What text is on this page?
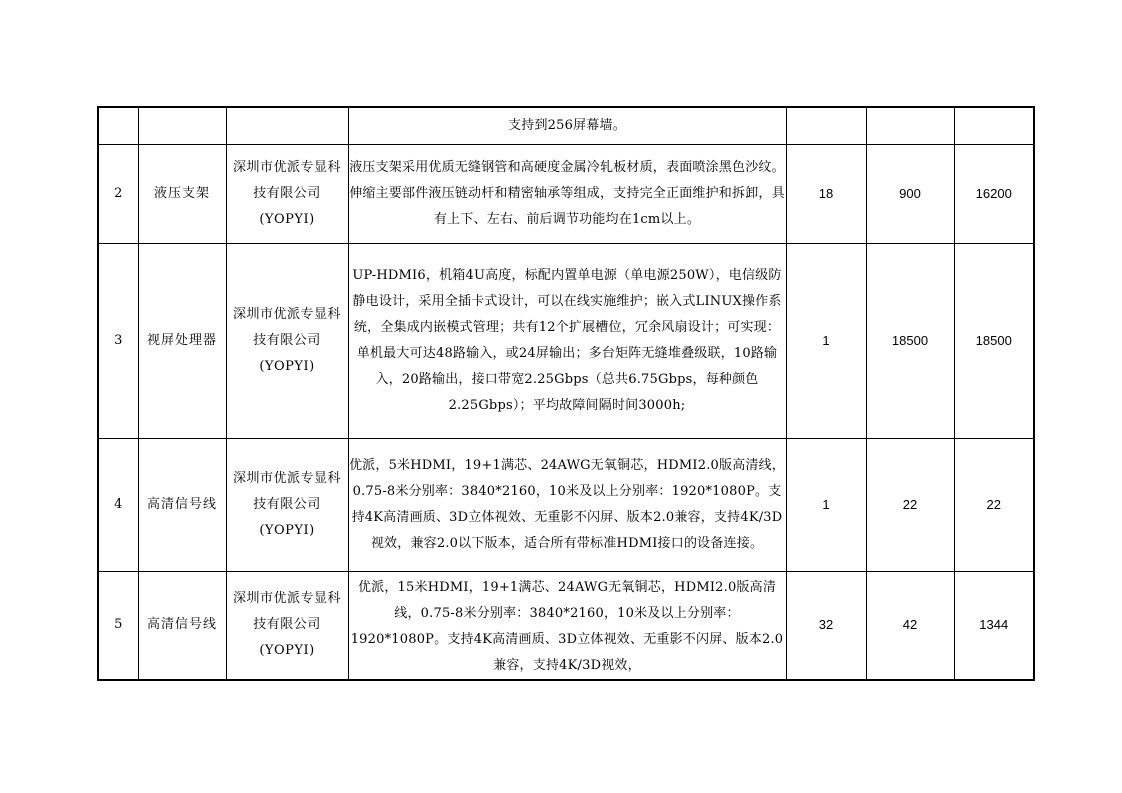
			支持到256屏幕墙。			
2	液压支架	深圳市优派专显科技有限公司(YOPYI)	液压支架采用优质无缝钢管和高硬度金属冷轧板材质，表面喷涂黑色沙纹。伸缩主要部件液压链动杆和精密轴承等组成，支持完全正面维护和拆卸，具有上下、左右、前后调节功能均在1cm以上。	18	900	16200
3	视屏处理器	深圳市优派专显科技有限公司(YOPYI)	UP-HDMI6，机箱4U高度，标配内置单电源（单电源250W），电信级防静电设计，采用全插卡式设计，可以在线实施维护；嵌入式LINUX操作系统，全集成内嵌模式管理；共有12个扩展槽位，冗余风扇设计；可实现：单机最大可达48路输入，或24屏输出；多台矩阵无缝堆叠级联，10路输入，20路输出，接口带宽2.25Gbps（总共6.75Gbps，每种颜色2.25Gbps）；平均故障间隔时间3000h;	1	18500	18500
4	高清信号线	深圳市优派专显科技有限公司(YOPYI)	优派，5米HDMI，19+1满芯、24AWG无氧铜芯，HDMI2.0版高清线，0.75-8米分别率：3840*2160，10米及以上分别率：1920*1080P。支持4K高清画质、3D立体视效、无重影不闪屏、版本2.0兼容，支持4K/3D视效，兼容2.0以下版本，适合所有带标准HDMI接口的设备连接。	1	22	22
5	高清信号线	深圳市优派专显科技有限公司(YOPYI)	优派，15米HDMI，19+1满芯、24AWG无氧铜芯，HDMI2.0版高清线，0.75-8米分别率：3840*2160，10米及以上分别率：1920*1080P。支持4K高清画质、3D立体视效、无重影不闪屏、版本2.0兼容，支持4K/3D视效，	32	42	1344
